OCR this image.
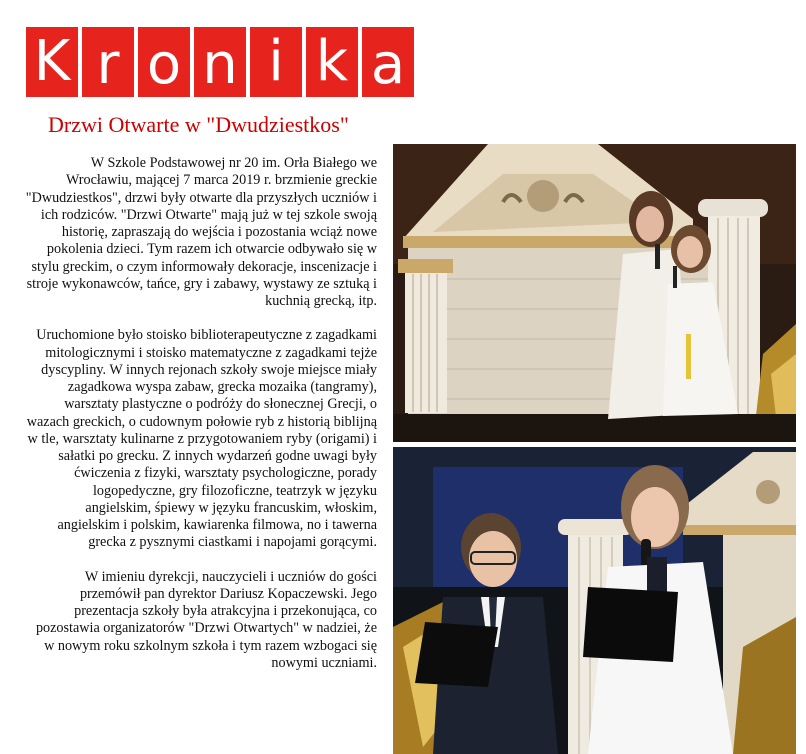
K r o n i k a
Drzwi Otwarte w "Dwudziestkos"

W Szkole Podstawowej nr 20 im. Orła Białego we Wrocławiu, mającej 7 marca 2019 r. brzmienie greckie "Dwudziestkos", drzwi były otwarte dla przyszłych uczniów i ich rodziców. "Drzwi Otwarte" mają już w tej szkole swoją historię, zapraszają do wejścia i pozostania wciąż nowe pokolenia dzieci. Tym razem ich otwarcie odbywało się w stylu greckim, o czym informowały dekoracje, inscenizacje i stroje wykonawców, tańce, gry i zabawy, wystawy ze sztuką i kuchnią grecką, itp.

Uruchomione było stoisko biblioterapeutyczne z zagadkami mitologicznymi i stoisko matematyczne z zagadkami tejże dyscypliny. W innych rejonach szkoły swoje miejsce miały zagadkowa wyspa zabaw, grecka mozaika (tangramy), warsztaty plastyczne o podróży do słonecznej Grecji, o wazach greckich, o cudownym połowie ryb z historią biblijną w tle, warsztaty kulinarne z przygotowaniem ryby (origami) i sałatki po grecku. Z innych wydarzeń godne uwagi były ćwiczenia z fizyki, warsztaty psychologiczne, porady logopedyczne, gry filozoficzne, teatrzyk w języku angielskim, śpiewy w języku francuskim, włoskim, angielskim i polskim, kawiarenka filmowa, no i tawerna grecka z pysznymi ciastkami i napojami gorącymi.

W imieniu dyrekcji, nauczycieli i uczniów do gości przemówił pan dyrektor Dariusz Kopaczewski. Jego prezentacja szkoły była atrakcyjna i przekonująca, co pozostawia organizatorów "Drzwi Otwartych" w nadziei, że w nowym roku szkolnym szkoła i tym razem wzbogaci się nowymi uczniami.
